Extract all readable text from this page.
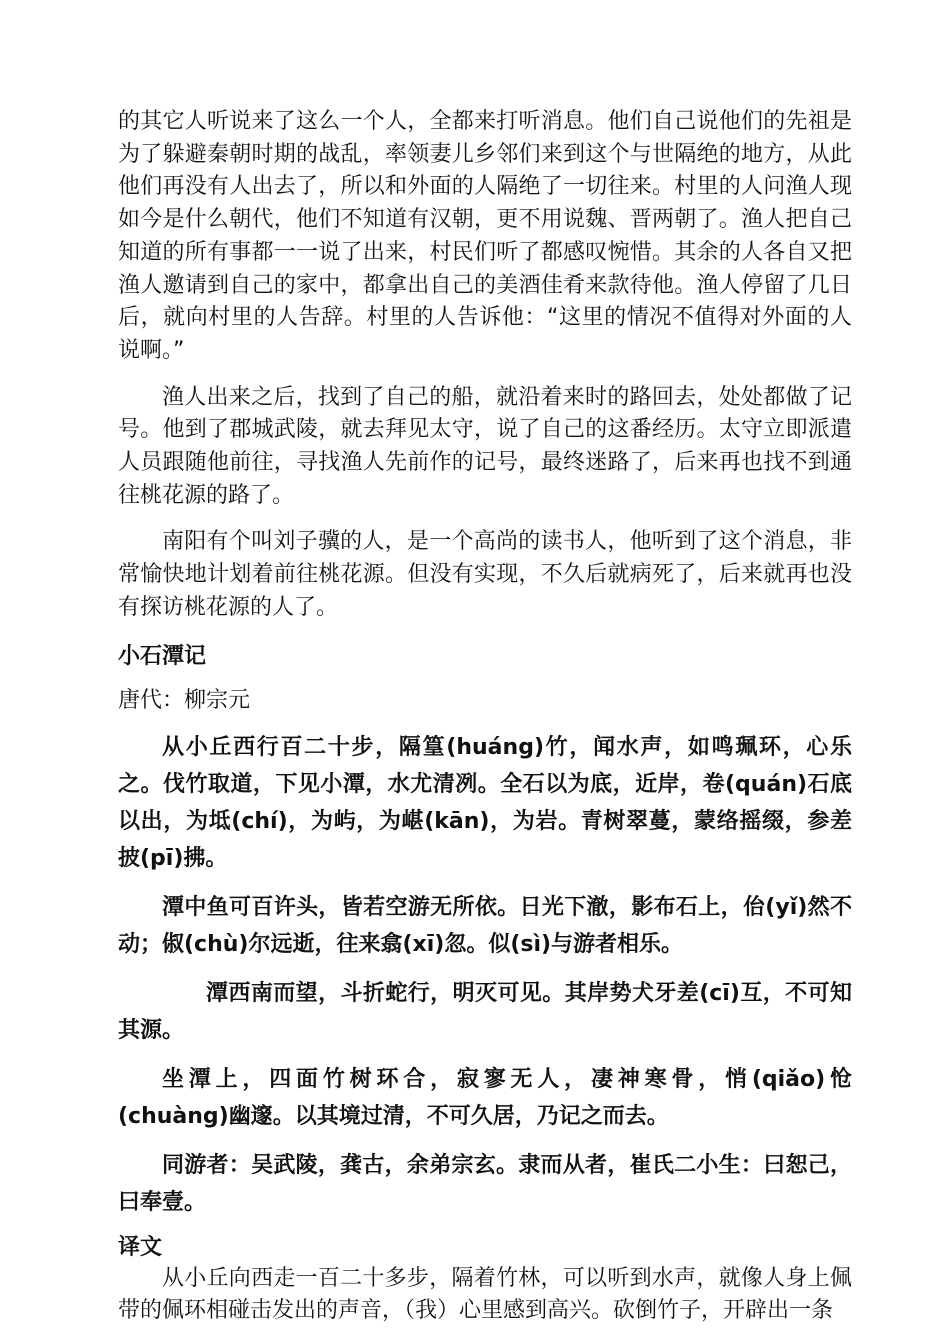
的其它人听说来了这么一个人，全都来打听消息。他们自己说他们的先祖是为了躲避秦朝时期的战乱，率领妻儿乡邻们来到这个与世隔绝的地方，从此他们再没有人出去了，所以和外面的人隔绝了一切往来。村里的人问渔人现如今是什么朝代，他们不知道有汉朝，更不用说魏、晋两朝了。渔人把自己知道的所有事都一一说了出来，村民们听了都感叹惋惜。其余的人各自又把渔人邀请到自己的家中，都拿出自己的美酒佳肴来款待他。渔人停留了几日后，就向村里的人告辞。村里的人告诉他：“这里的情况不值得对外面的人说啊。”

渔人出来之后，找到了自己的船，就沿着来时的路回去，处处都做了记号。他到了郡城武陵，就去拜见太守，说了自己的这番经历。太守立即派遣人员跟随他前往，寻找渔人先前作的记号，最终迷路了，后来再也找不到通往桃花源的路了。

南阳有个叫刘子骥的人，是一个高尚的读书人，他听到了这个消息，非常愉快地计划着前往桃花源。但没有实现，不久后就病死了，后来就再也没有探访桃花源的人了。

小石潭记

唐代：柳宗元

从小丘西行百二十步，隔篁(huáng)竹，闻水声，如鸣珮环，心乐之。伐竹取道，下见小潭，水尤清冽。全石以为底，近岸，卷(quán)石底以出，为坻(chí)，为屿，为嵁(kān)，为岩。青树翠蔓，蒙络摇缀，参差披(pī)拂。

潭中鱼可百许头，皆若空游无所依。日光下澈，影布石上，佁(yǐ)然不动；俶(chù)尔远逝，往来翕(xī)忽。似(sì)与游者相乐。

潭西南而望，斗折蛇行，明灭可见。其岸势犬牙差(cī)互，不可知其源。

坐潭上，四面竹树环合，寂寥无人，凄神寒骨，悄(qiǎo)怆(chuàng)幽邃。以其境过清，不可久居，乃记之而去。

同游者：吴武陵，龚古，余弟宗玄。隶而从者，崔氏二小生：曰恕己，曰奉壹。

译文

从小丘向西走一百二十多步，隔着竹林，可以听到水声，就像人身上佩带的佩环相碰击发出的声音，（我）心里感到高兴。砍倒竹子，开辟出一条
